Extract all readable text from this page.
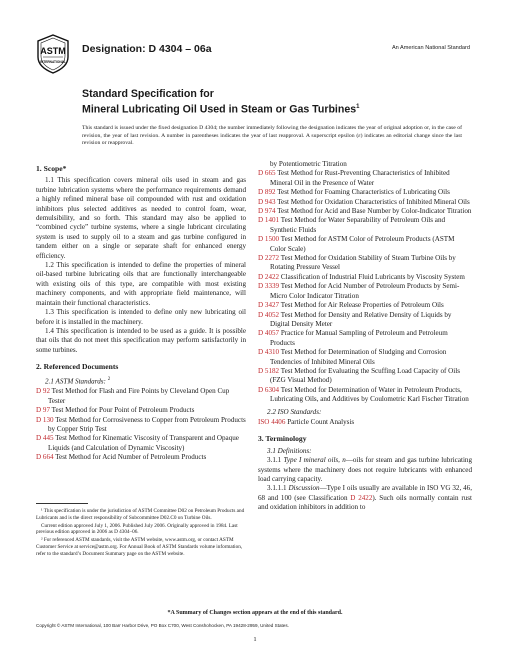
ASTM
INTERNATIONAL
Designation: D 4304 – 06a	An American National Standard
Standard Specification for
Mineral Lubricating Oil Used in Steam or Gas Turbines$^1$
This standard is issued under the fixed designation D 4304; the number immediately following the designation indicates the year of original adoption or, in the case of revision, the year of last revision. A number in parentheses indicates the year of last reapproval. A superscript epsilon (ε) indicates an editorial change since the last revision or reapproval.

1. Scope*

1.1 This specification covers mineral oils used in steam and gas turbine lubrication systems where the performance requirements demand a highly refined mineral base oil compounded with rust and oxidation inhibitors plus selected additives as needed to control foam, wear, demulsibility, and so forth. This standard may also be applied to “combined cycle” turbine systems, where a single lubricant circulating system is used to supply oil to a steam and gas turbine configured in tandem either on a single or separate shaft for enhanced energy efficiency.

1.2 This specification is intended to define the properties of mineral oil-based turbine lubricating oils that are functionally interchangeable with existing oils of this type, are compatible with most existing machinery components, and with appropriate field maintenance, will maintain their functional characteristics.

1.3 This specification is intended to define only new lubricating oil before it is installed in the machinery.

1.4 This specification is intended to be used as a guide. It is possible that oils that do not meet this specification may perform satisfactorily in some turbines.

2. Referenced Documents

2.1 ASTM Standards: $^2$

D 92 Test Method for Flash and Fire Points by Cleveland Open Cup Tester

D 97 Test Method for Pour Point of Petroleum Products

D 130 Test Method for Corrosiveness to Copper from Petroleum Products by Copper Strip Test

D 445 Test Method for Kinematic Viscosity of Transparent and Opaque Liquids (and Calculation of Dynamic Viscosity)

D 664 Test Method for Acid Number of Petroleum Products

¹ This specification is under the jurisdiction of ASTM Committee D02 on Petroleum Products and Lubricants and is the direct responsibility of Subcommittee D02.C0 on Turbine Oils.

Current edition approved July 1, 2006. Published July 2006. Originally approved in 1984. Last previous edition approved in 2006 as D 4304–06.

² For referenced ASTM standards, visit the ASTM website, www.astm.org, or contact ASTM Customer Service at service@astm.org. For Annual Book of ASTM Standards volume information, refer to the standard’s Document Summary page on the ASTM website.

by Potentiometric Titration

D 665 Test Method for Rust-Preventing Characteristics of Inhibited Mineral Oil in the Presence of Water

D 892 Test Method for Foaming Characteristics of Lubricating Oils

D 943 Test Method for Oxidation Characteristics of Inhibited Mineral Oils

D 974 Test Method for Acid and Base Number by Color-Indicator Titration

D 1401 Test Method for Water Separability of Petroleum Oils and Synthetic Fluids

D 1500 Test Method for ASTM Color of Petroleum Products (ASTM Color Scale)

D 2272 Test Method for Oxidation Stability of Steam Turbine Oils by Rotating Pressure Vessel

D 2422 Classification of Industrial Fluid Lubricants by Viscosity System

D 3339 Test Method for Acid Number of Petroleum Products by Semi-Micro Color Indicator Titration

D 3427 Test Method for Air Release Properties of Petroleum Oils

D 4052 Test Method for Density and Relative Density of Liquids by Digital Density Meter

D 4057 Practice for Manual Sampling of Petroleum and Petroleum Products

D 4310 Test Method for Determination of Sludging and Corrosion Tendencies of Inhibited Mineral Oils

D 5182 Test Method for Evaluating the Scuffing Load Capacity of Oils (FZG Visual Method)

D 6304 Test Method for Determination of Water in Petroleum Products, Lubricating Oils, and Additives by Coulometric Karl Fischer Titration

2.2 ISO Standards:

ISO 4406 Particle Count Analysis

3. Terminology

3.1 Definitions:

3.1.1 Type I mineral oils, n—oils for steam and gas turbine lubricating systems where the machinery does not require lubricants with enhanced load carrying capacity.

3.1.1.1 Discussion—Type I oils usually are available in ISO VG 32, 46, 68 and 100 (see Classification D 2422). Such oils normally contain rust and oxidation inhibitors in addition to

*A Summary of Changes section appears at the end of this standard.
Copyright © ASTM International, 100 Barr Harbor Drive, PO Box C700, West Conshohocken, PA 19428-2959, United States.
1
